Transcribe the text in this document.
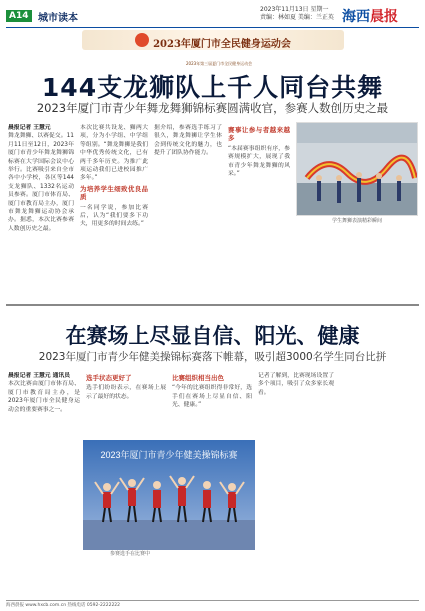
A14 城市读本
2023年11月13日 星期一
责编：林如夏 美编：兰正英 海西晨报
2023年第三届夏门市全民健身运动会
2023年厦门市全民健身运动会
144支龙狮队上千人同台共舞
2023年厦门市青少年舞龙舞狮锦标赛圆满收官，参赛人数创历史之最
晨报记者 王慧元
舞龙舞狮、以赛促交。11月11日至12日，2023年厦门市青少年舞龙舞狮锦标赛在大学国际会议中心举行。比赛吸引来自全市各中小学校，各区等144支龙狮队、1332名运动员参赛。厦门市体育局、厦门市教育局主办，厦门市舞龙舞狮运动协会承办。据悉，本次比赛参赛人数创历史之最。
本次比赛共设龙、狮两大项，分为小学组、中学组等组别。“舞龙舞狮是我们中华优秀传统文化，已有两千多年历史。为推广此项运动我们已进校园推广多年。”
为培养学生细致优良品质
一名同学说，参加比赛后，认为“我们要多下功夫，用更多的时间去练。”
据介绍，参赛选手练习了很久，舞龙舞狮让学生体会到传统文化的魅力，也提升了团队协作能力。
赛事让参与者越来越多
“本届赛事组织有序，参赛规模扩大，展现了我市青少年舞龙舞狮的风采。”
学生舞狮表演精彩瞬间
在赛场上尽显自信、阳光、健康
2023年厦门市青少年健美操锦标赛落下帷幕，吸引超3000名学生同台比拼
晨报记者 王慧元 通讯员
本次比赛由厦门市体育局、厦门市教育局主办，是2023年厦门市全民健身运动会的重要赛事之一。
选手状态更好了
选手们纷纷表示，在赛场上展示了最好的状态。
比赛组织相当出色
“今年的比赛组织得非常好，选手们在赛场上尽显自信、阳光、健康。”
记者了解到，比赛现场设置了多个项目，吸引了众多家长观看。
2023年厦门市青少年健美操锦标赛
参赛选手在比赛中
海西晨报 www.hxcb.com.cn 热线电话 0592-2222222
